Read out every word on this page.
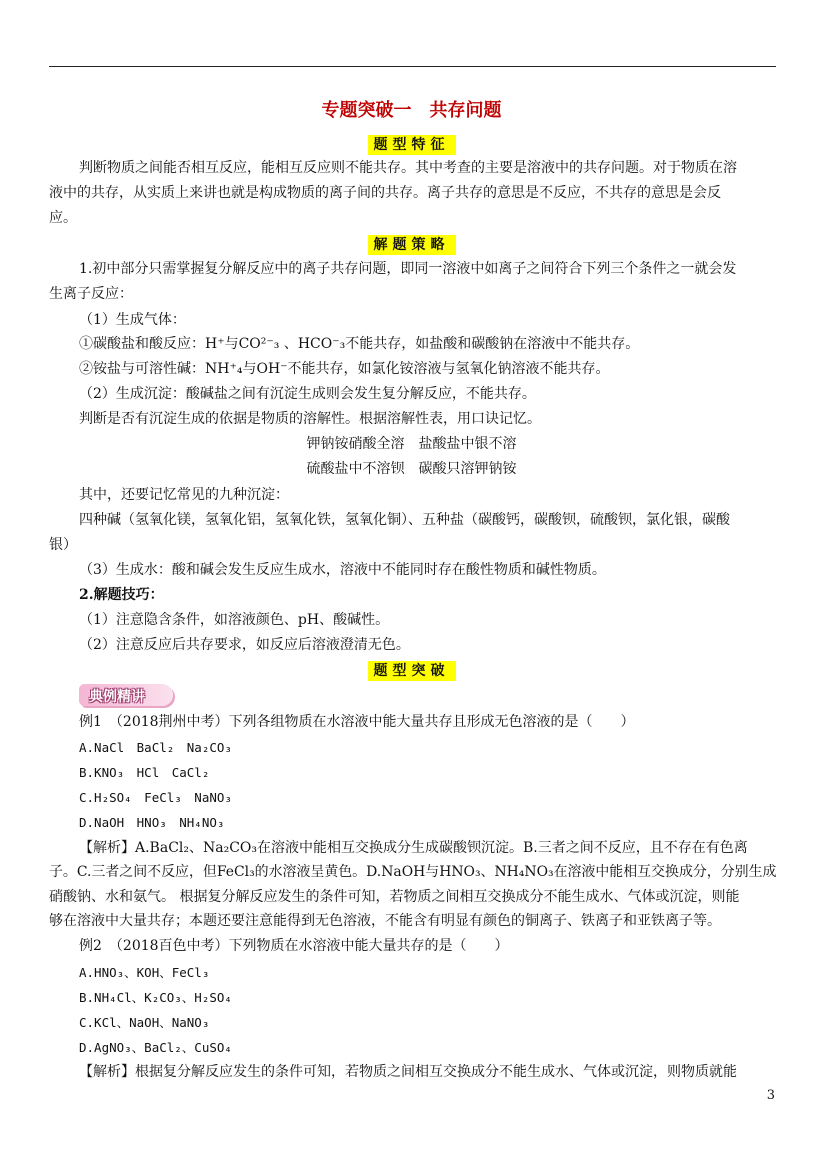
专题突破一　共存问题
题型特征
判断物质之间能否相互反应，能相互反应则不能共存。其中考查的主要是溶液中的共存问题。对于物质在溶
液中的共存，从实质上来讲也就是构成物质的离子间的共存。离子共存的意思是不反应，不共存的意思是会反
应。
解题策略
1.初中部分只需掌握复分解反应中的离子共存问题，即同一溶液中如离子之间符合下列三个条件之一就会发
生离子反应：
（1）生成气体：
①碳酸盐和酸反应：H⁺与CO²⁻₃ 、HCO⁻₃不能共存，如盐酸和碳酸钠在溶液中不能共存。
②铵盐与可溶性碱：NH⁺₄与OH⁻不能共存，如氯化铵溶液与氢氧化钠溶液不能共存。
（2）生成沉淀：酸碱盐之间有沉淀生成则会发生复分解反应，不能共存。
判断是否有沉淀生成的依据是物质的溶解性。根据溶解性表，用口诀记忆。
钾钠铵硝酸全溶　盐酸盐中银不溶
硫酸盐中不溶钡　碳酸只溶钾钠铵
其中，还要记忆常见的九种沉淀：
四种碱（氢氧化镁，氢氧化铝，氢氧化铁，氢氧化铜）、五种盐（碳酸钙，碳酸钡，硫酸钡，氯化银，碳酸
银）
（3）生成水：酸和碱会发生反应生成水，溶液中不能同时存在酸性物质和碱性物质。
2.解题技巧：
（1）注意隐含条件，如溶液颜色、pH、酸碱性。
（2）注意反应后共存要求，如反应后溶液澄清无色。
题型突破
典例精讲
例1　（2018荆州中考）下列各组物质在水溶液中能大量共存且形成无色溶液的是（　　）
A.NaCl　BaCl₂　Na₂CO₃
B.KNO₃　HCl　CaCl₂
C.H₂SO₄　FeCl₃　NaNO₃
D.NaOH　HNO₃　NH₄NO₃
【解析】A.BaCl₂、Na₂CO₃在溶液中能相互交换成分生成碳酸钡沉淀。B.三者之间不反应，且不存在有色离
子。C.三者之间不反应，但FeCl₃的水溶液呈黄色。D.NaOH与HNO₃、NH₄NO₃在溶液中能相互交换成分，分别生成
硝酸钠、水和氨气。 根据复分解反应发生的条件可知，若物质之间相互交换成分不能生成水、气体或沉淀，则能
够在溶液中大量共存；本题还要注意能得到无色溶液，不能含有明显有颜色的铜离子、铁离子和亚铁离子等。
例2　（2018百色中考）下列物质在水溶液中能大量共存的是（　　）
A.HNO₃、KOH、FeCl₃
B.NH₄Cl、K₂CO₃、H₂SO₄
C.KCl、NaOH、NaNO₃
D.AgNO₃、BaCl₂、CuSO₄
【解析】根据复分解反应发生的条件可知，若物质之间相互交换成分不能生成水、气体或沉淀，则物质就能
3
